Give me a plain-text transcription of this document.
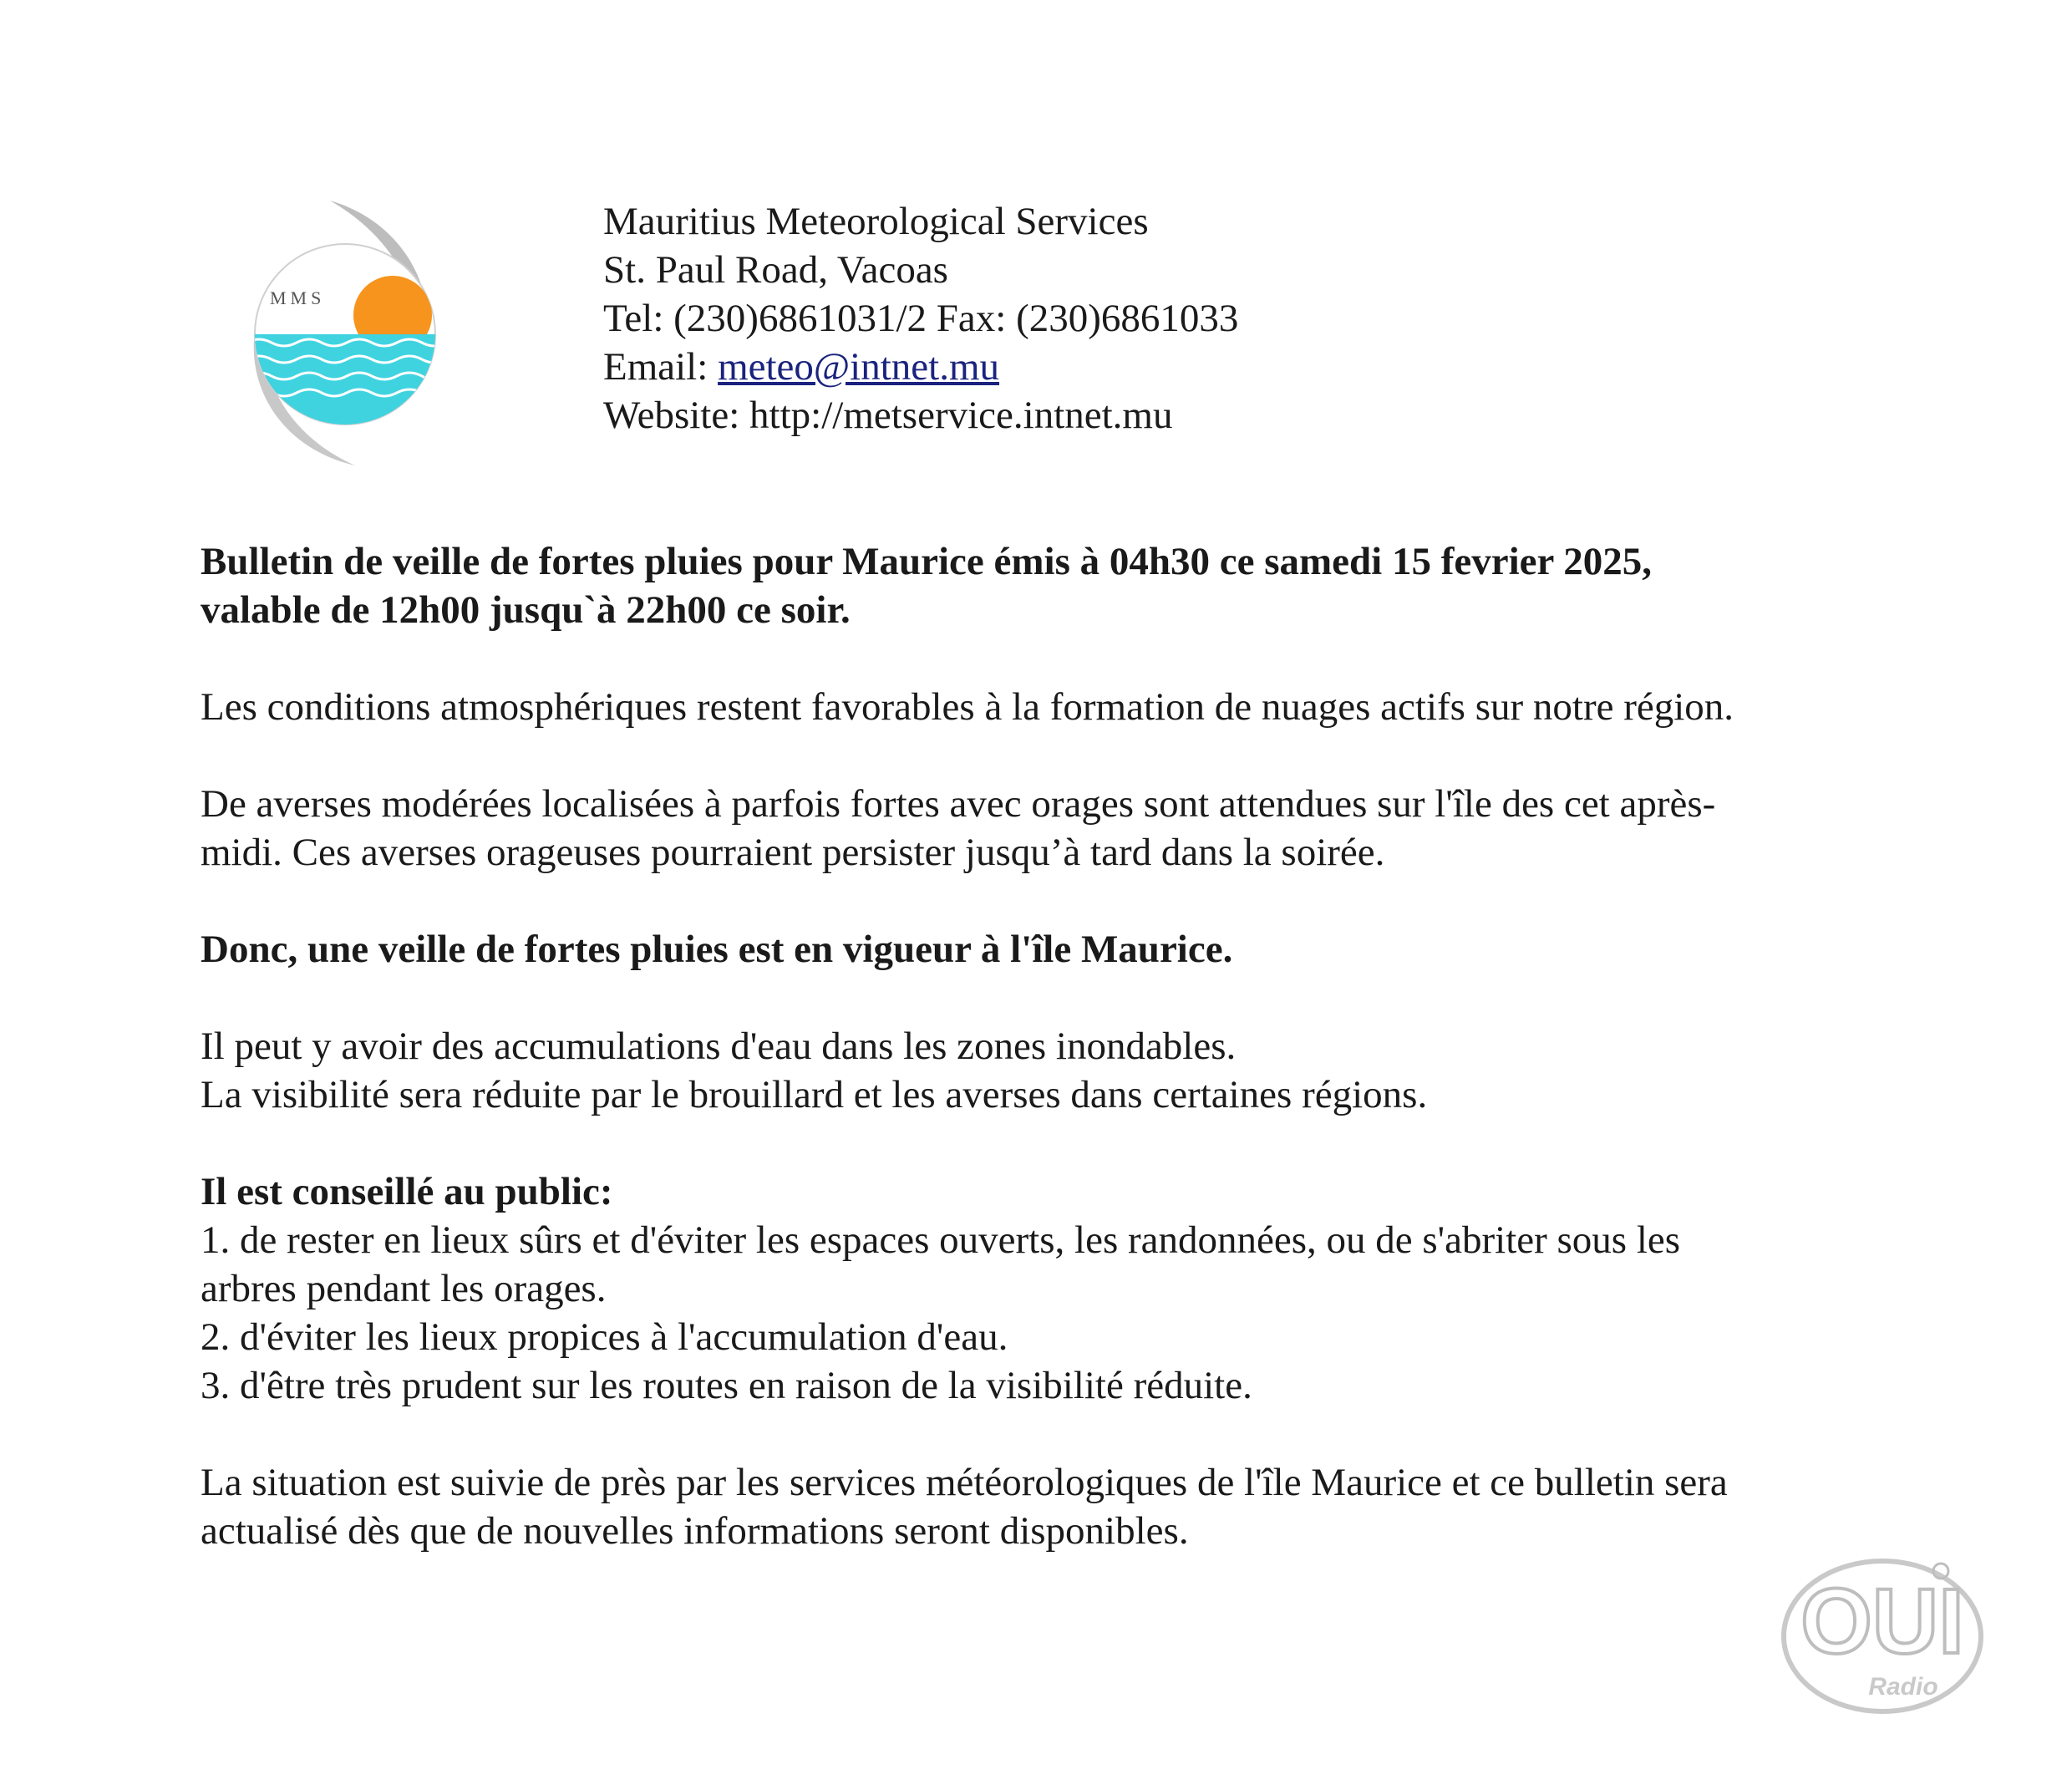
MMS
Mauritius Meteorological Services
St. Paul Road, Vacoas
Tel: (230)6861031/2 Fax: (230)6861033
Email: meteo@intnet.mu
Website: http://metservice.intnet.mu

Bulletin de veille de fortes pluies pour Maurice émis à 04h30 ce samedi 15 fevrier 2025,
valable de 12h00 jusqu`à 22h00 ce soir.

Les conditions atmosphériques restent favorables à la formation de nuages actifs sur notre région.

De averses modérées localisées à parfois fortes avec orages sont attendues sur l'île des cet après-
midi. Ces averses orageuses pourraient persister jusqu’à tard dans la soirée.

Donc, une veille de fortes pluies est en vigueur à l'île Maurice.

Il peut y avoir des accumulations d'eau dans les zones inondables.
La visibilité sera réduite par le brouillard et les averses dans certaines régions.

Il est conseillé au public:
1. de rester en lieux sûrs et d'éviter les espaces ouverts, les randonnées, ou de s'abriter sous les
arbres pendant les orages.
2. d'éviter les lieux propices à l'accumulation d'eau.
3. d'être très prudent sur les routes en raison de la visibilité réduite.

La situation est suivie de près par les services météorologiques de l'île Maurice et ce bulletin sera
actualisé dès que de nouvelles informations seront disponibles.

OUI
Radio
